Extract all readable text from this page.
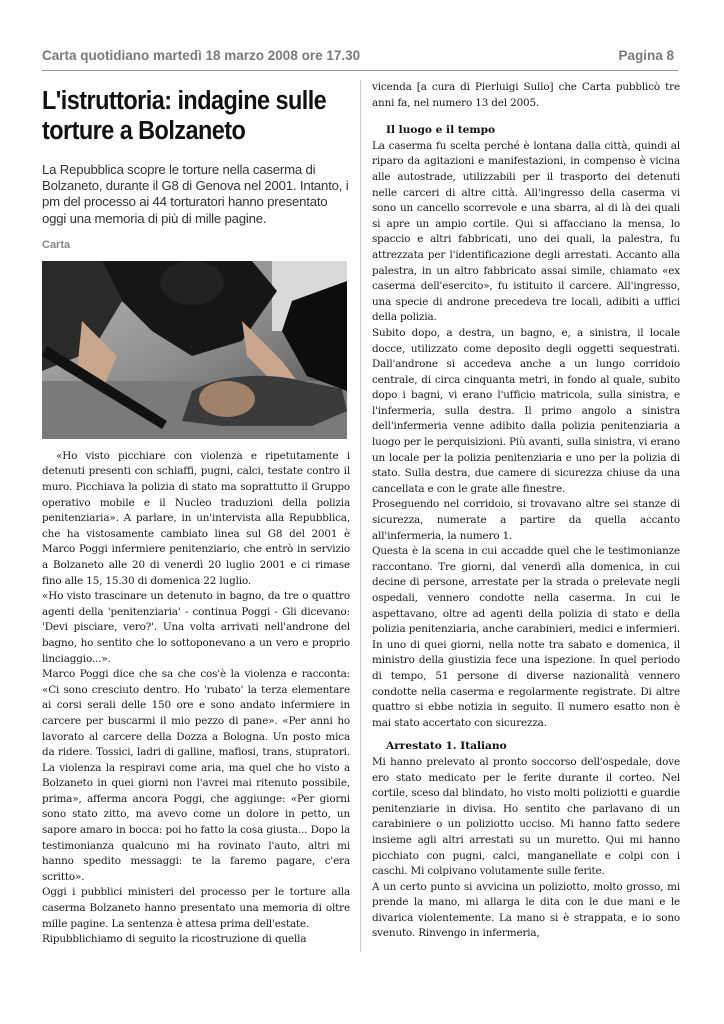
Carta quotidiano martedì 18 marzo 2008 ore 17.30	Pagina 8
L'istruttoria: indagine sulle torture a Bolzaneto
La Repubblica scopre le torture nella caserma di Bolzaneto, durante il G8 di Genova nel 2001. Intanto, i pm del processo ai 44 torturatori hanno presentato oggi una memoria di più di mille pagine.
Carta

«Ho visto picchiare con violenza e ripetutamente i detenuti presenti con schiaffi, pugni, calci, testate contro il muro. Picchiava la polizia di stato ma soprattutto il Gruppo operativo mobile e il Nucleo traduzioni della polizia penitenziaria». A parlare, in un'intervista alla Repubblica, che ha vistosamente cambiato linea sul G8 del 2001 è Marco Poggi infermiere penitenziario, che entrò in servizio a Bolzaneto alle 20 di venerdì 20 luglio 2001 e ci rimase fino alle 15, 15.30 di domenica 22 luglio.

«Ho visto trascinare un detenuto in bagno, da tre o quattro agenti della 'penitenziaria' - continua Poggi - Gli dicevano: 'Devi pisciare, vero?'. Una volta arrivati nell'androne del bagno, ho sentito che lo sottoponevano a un vero e proprio linciaggio...».

Marco Poggi dice che sa che cos'è la violenza e racconta: «Ci sono cresciuto dentro. Ho 'rubato' la terza elementare ai corsi serali delle 150 ore e sono andato infermiere in carcere per buscarmi il mio pezzo di pane». «Per anni ho lavorato al carcere della Dozza a Bologna. Un posto mica da ridere. Tossici, ladri di galline, mafiosi, trans, stupratori. La violenza la respiravi come aria, ma quel che ho visto a Bolzaneto in quei giorni non l'avrei mai ritenuto possibile, prima», afferma ancora Poggi, che aggiunge: «Per giorni sono stato zitto, ma avevo come un dolore in petto, un sapore amaro in bocca: poi ho fatto la cosa giusta... Dopo la testimonianza qualcuno mi ha rovinato l'auto, altri mi hanno spedito messaggi: te la faremo pagare, c'era scritto».

Oggi i pubblici ministeri del processo per le torture alla caserma Bolzaneto hanno presentato una memoria di oltre mille pagine. La sentenza è attesa prima dell'estate.

Ripubblichiamo di seguito la ricostruzione di quella

vicenda [a cura di Pierluigi Sullo] che Carta pubblicò tre anni fa, nel numero 13 del 2005.

Il luogo e il tempo

La caserma fu scelta perché è lontana dalla città, quindi al riparo da agitazioni e manifestazioni, in compenso è vicina alle autostrade, utilizzabili per il trasporto dei detenuti nelle carceri di altre città. All'ingresso della caserma vi sono un cancello scorrevole e una sbarra, al di là dei quali si apre un ampio cortile. Qui si affacciano la mensa, lo spaccio e altri fabbricati, uno dei quali, la palestra, fu attrezzata per l'identificazione degli arrestati. Accanto alla palestra, in un altro fabbricato assai simile, chiamato «ex caserma dell'esercito», fu istituito il carcere. All'ingresso, una specie di androne precedeva tre locali, adibiti a uffici della polizia.

Subito dopo, a destra, un bagno, e, a sinistra, il locale docce, utilizzato come deposito degli oggetti sequestrati. Dall'androne si accedeva anche a un lungo corridoio centrale, di circa cinquanta metri, in fondo al quale, subito dopo i bagni, vi erano l'ufficio matricola, sulla sinistra, e l'infermeria, sulla destra. Il primo angolo a sinistra dell'infermeria venne adibito dalla polizia penitenziaria a luogo per le perquisizioni. Più avanti, sulla sinistra, vi erano un locale per la polizia penitenziaria e uno per la polizia di stato. Sulla destra, due camere di sicurezza chiuse da una cancellata e con le grate alle finestre.

Proseguendo nel corridoio, si trovavano altre sei stanze di sicurezza, numerate a partire da quella accanto all'infermeria, la numero 1.

Questa è la scena in cui accadde quel che le testimonianze raccontano. Tre giorni, dal venerdì alla domenica, in cui decine di persone, arrestate per la strada o prelevate negli ospedali, vennero condotte nella caserma. In cui le aspettavano, oltre ad agenti della polizia di stato e della polizia penitenziaria, anche carabinieri, medici e infermieri. In uno di quei giorni, nella notte tra sabato e domenica, il ministro della giustizia fece una ispezione. In quel periodo di tempo, 51 persone di diverse nazionalità vennero condotte nella caserma e regolarmente registrate. Di altre quattro si ebbe notizia in seguito. Il numero esatto non è mai stato accertato con sicurezza.

Arrestato 1. Italiano

Mi hanno prelevato al pronto soccorso dell'ospedale, dove ero stato medicato per le ferite durante il corteo. Nel cortile, sceso dal blindato, ho visto molti poliziotti e guardie penitenziarie in divisa. Ho sentito che parlavano di un carabiniere o un poliziotto ucciso. Mi hanno fatto sedere insieme agli altri arrestati su un muretto. Qui mi hanno picchiato con pugni, calci, manganellate e colpi con i caschi. Mi colpivano volutamente sulle ferite.

A un certo punto si avvicina un poliziotto, molto grosso, mi prende la mano, mi allarga le dita con le due mani e le divarica violentemente. La mano si è strappata, e io sono svenuto. Rinvengo in infermeria,
